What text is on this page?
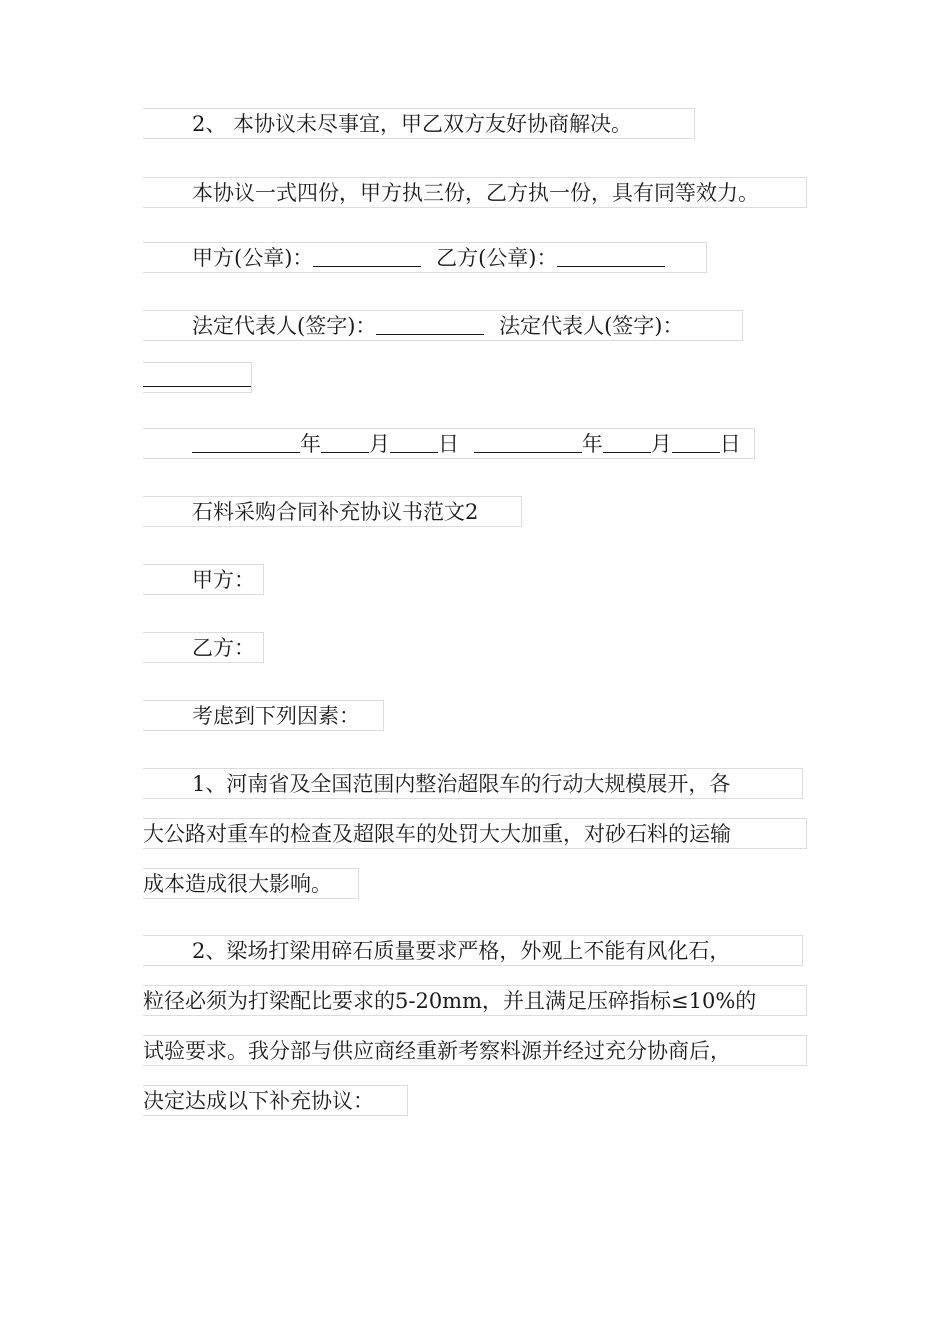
2、 本协议未尽事宜，甲乙双方友好协商解决。
本协议一式四份，甲方执三份，乙方执一份，具有同等效力。
甲方(公章)：	乙方(公章)：
法定代表人(签字)：	法定代表人(签字)：
年 月 日	年 月 日
石料采购合同补充协议书范文2
甲方：
乙方：
考虑到下列因素：
1、河南省及全国范围内整治超限车的行动大规模展开，各
大公路对重车的检查及超限车的处罚大大加重，对砂石料的运输
成本造成很大影响。
2、梁场打梁用碎石质量要求严格，外观上不能有风化石，
粒径必须为打梁配比要求的5-20mm，并且满足压碎指标≤10%的
试验要求。我分部与供应商经重新考察料源并经过充分协商后，
决定达成以下补充协议：
